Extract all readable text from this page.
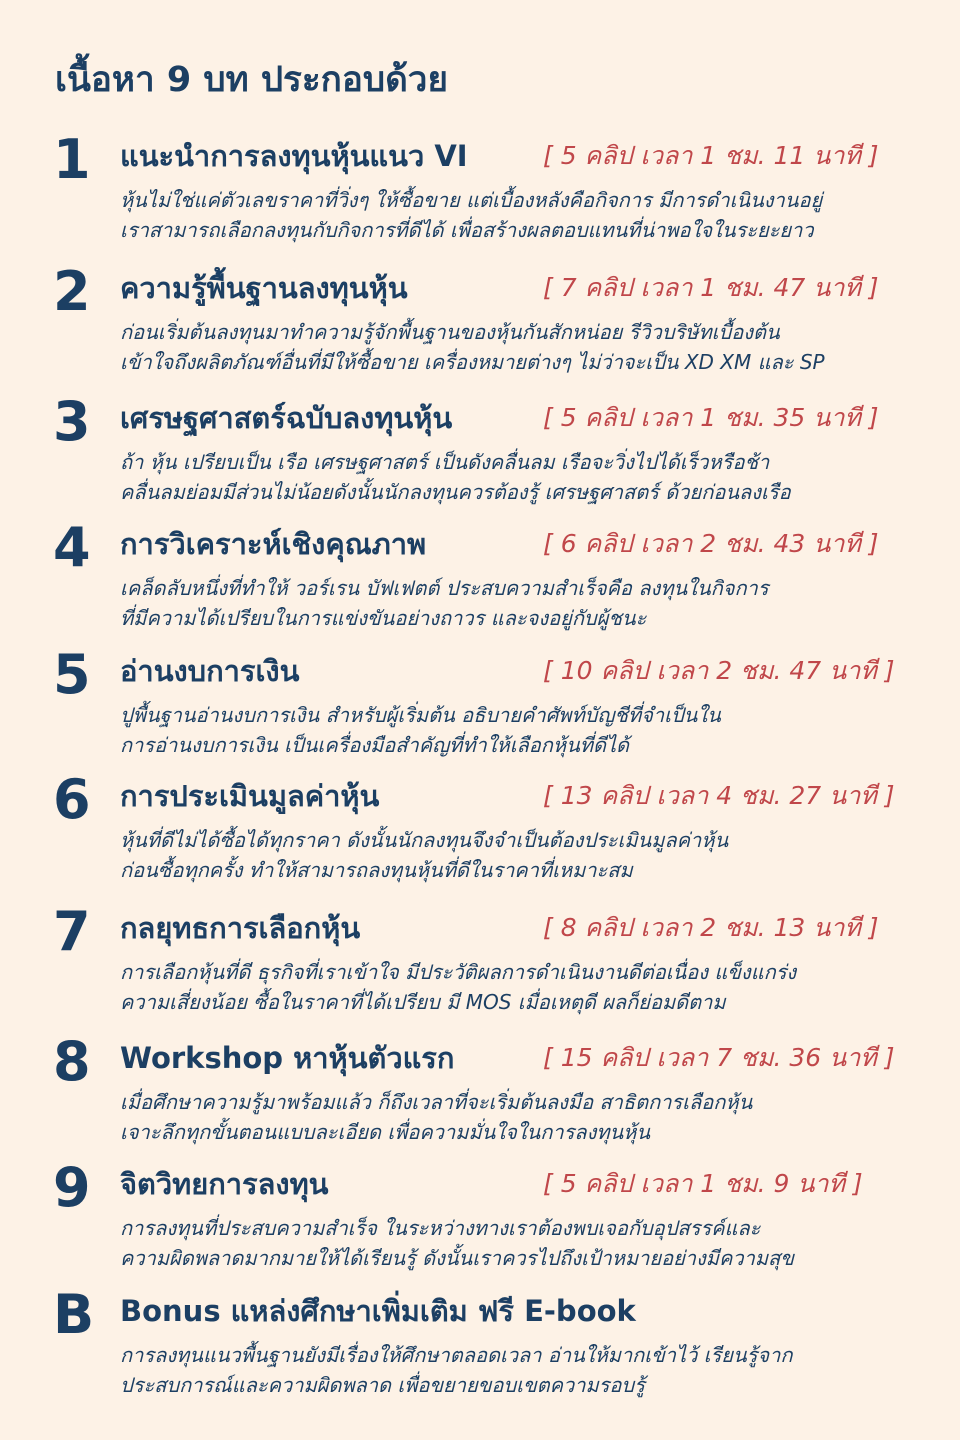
เนื้อหา 9 บท ประกอบด้วย
1 แนะนำการลงทุนหุ้นแนว VI	[ 5 คลิป เวลา 1 ชม. 11 นาที ]
หุ้นไม่ใช่แค่ตัวเลขราคาที่วิ่งๆ ให้ซื้อขาย แต่เบื้องหลังคือกิจการ มีการดำเนินงานอยู่
เราสามารถเลือกลงทุนกับกิจการที่ดีได้ เพื่อสร้างผลตอบแทนที่น่าพอใจในระยะยาว
2 ความรู้พื้นฐานลงทุนหุ้น	[ 7 คลิป เวลา 1 ชม. 47 นาที ]
ก่อนเริ่มต้นลงทุนมาทำความรู้จักพื้นฐานของหุ้นกันสักหน่อย รีวิวบริษัทเบื้องต้น
เข้าใจถึงผลิตภัณฑ์อื่นที่มีให้ซื้อขาย เครื่องหมายต่างๆ ไม่ว่าจะเป็น XD XM และ SP
3 เศรษฐศาสตร์ฉบับลงทุนหุ้น	[ 5 คลิป เวลา 1 ชม. 35 นาที ]
ถ้า หุ้น เปรียบเป็น เรือ เศรษฐศาสตร์ เป็นดังคลื่นลม เรือจะวิ่งไปได้เร็วหรือช้า
คลื่นลมย่อมมีส่วนไม่น้อยดังนั้นนักลงทุนควรต้องรู้ เศรษฐศาสตร์ ด้วยก่อนลงเรือ
4 การวิเคราะห์เชิงคุณภาพ	[ 6 คลิป เวลา 2 ชม. 43 นาที ]
เคล็ดลับหนึ่งที่ทำให้ วอร์เรน บัฟเฟตต์ ประสบความสำเร็จคือ ลงทุนในกิจการ
ที่มีความได้เปรียบในการแข่งขันอย่างถาวร และจงอยู่กับผู้ชนะ
5 อ่านงบการเงิน	[ 10 คลิป เวลา 2 ชม. 47 นาที ]
ปูพื้นฐานอ่านงบการเงิน สำหรับผู้เริ่มต้น อธิบายคำศัพท์บัญชีที่จำเป็นใน
การอ่านงบการเงิน เป็นเครื่องมือสำคัญที่ทำให้เลือกหุ้นที่ดีได้
6 การประเมินมูลค่าหุ้น	[ 13 คลิป เวลา 4 ชม. 27 นาที ]
หุ้นที่ดีไม่ได้ซื้อได้ทุกราคา ดังนั้นนักลงทุนจึงจำเป็นต้องประเมินมูลค่าหุ้น
ก่อนซื้อทุกครั้ง ทำให้สามารถลงทุนหุ้นที่ดีในราคาที่เหมาะสม
7 กลยุทธการเลือกหุ้น	[ 8 คลิป เวลา 2 ชม. 13 นาที ]
การเลือกหุ้นที่ดี ธุรกิจที่เราเข้าใจ มีประวัติผลการดำเนินงานดีต่อเนื่อง แข็งแกร่ง
ความเสี่ยงน้อย ซื้อในราคาที่ได้เปรียบ มี MOS เมื่อเหตุดี ผลก็ย่อมดีตาม
8 Workshop หาหุ้นตัวแรก	[ 15 คลิป เวลา 7 ชม. 36 นาที ]
เมื่อศึกษาความรู้มาพร้อมแล้ว ก็ถึงเวลาที่จะเริ่มต้นลงมือ สาธิตการเลือกหุ้น
เจาะลึกทุกขั้นตอนแบบละเอียด เพื่อความมั่นใจในการลงทุนหุ้น
9 จิตวิทยการลงทุน	[ 5 คลิป เวลา 1 ชม. 9 นาที ]
การลงทุนที่ประสบความสำเร็จ ในระหว่างทางเราต้องพบเจอกับอุปสรรค์และ
ความผิดพลาดมากมายให้ได้เรียนรู้ ดังนั้นเราควรไปถึงเป้าหมายอย่างมีความสุข
B Bonus แหล่งศึกษาเพิ่มเติม ฟรี E-book
การลงทุนแนวพื้นฐานยังมีเรื่องให้ศึกษาตลอดเวลา อ่านให้มากเข้าไว้ เรียนรู้จาก
ประสบการณ์และความผิดพลาด เพื่อขยายขอบเขตความรอบรู้
